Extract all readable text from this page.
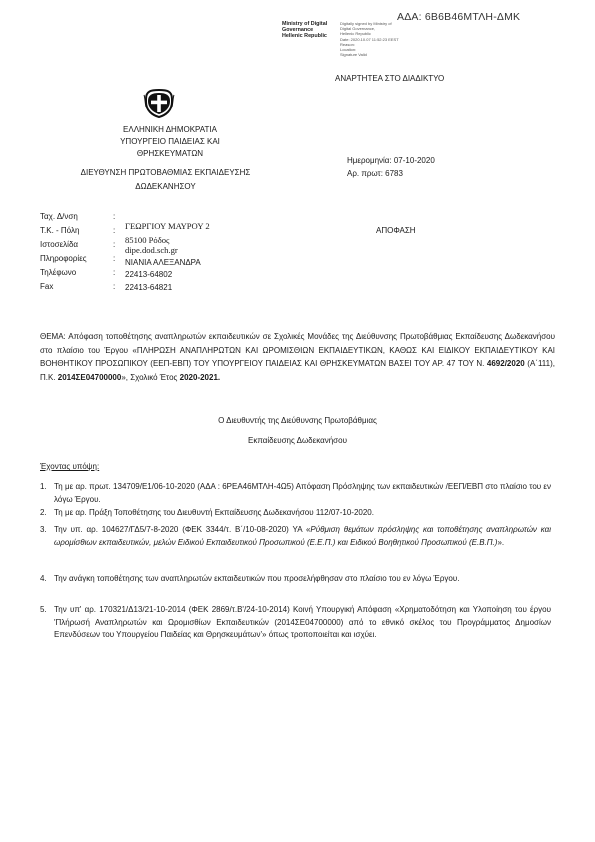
ΑΔΑ: 6Β6Β46ΜΤΛΗ-ΔΜΚ
Ministry of Digital
Governance
Hellenic Republic
Digitally signed by Ministry of
Digital Governance,
Hellenic Republic
Date: 2020.10.07 11:52:23 EEST
Reason:
Location:
Signature Valid
ΑΝΑΡΤΗΤΕΑ ΣΤΟ ΔΙΑΔΙΚΤΥΟ
ΕΛΛΗΝΙΚΗ ΔΗΜΟΚΡΑΤΙΑ
ΥΠΟΥΡΓΕΙΟ ΠΑΙΔΕΙΑΣ ΚΑΙ ΘΡΗΣΚΕΥΜΑΤΩΝ
ΔΙΕΥΘΥΝΣΗ ΠΡΩΤΟΒΑΘΜΙΑΣ ΕΚΠΑΙΔΕΥΣΗΣ
ΔΩΔΕΚΑΝΗΣΟΥ
Ημερομηνία: 07-10-2020
Αρ. πρωτ: 6783
Ταχ. Δ/νση	:
ΓΕΩΡΓΙΟΥ ΜΑΥΡΟΥ 2
Τ.Κ. - Πόλη	:
85100 Ρόδος
Ιστοσελίδα	:
dipe.dod.sch.gr
Πληροφορίες	: ΝΙΑΝΙΑ ΑΛΕΞΑΝΔΡΑ
Τηλέφωνο	: 22413-64802
Fax	: 22413-64821
ΑΠΟΦΑΣΗ
ΘΕΜΑ: Απόφαση τοποθέτησης αναπληρωτών εκπαιδευτικών σε Σχολικές Μονάδες της Διεύθυνσης Πρωτοβάθμιας Εκπαίδευσης Δωδεκανήσου στο πλαίσιο του Έργου «ΠΛΗΡΩΣΗ ΑΝΑΠΛΗΡΩΤΩΝ ΚΑΙ ΩΡΟΜΙΣΘΙΩΝ ΕΚΠΑΙΔΕΥΤΙΚΩΝ, ΚΑΘΩΣ ΚΑΙ ΕΙΔΙΚΟΥ ΕΚΠΑΙΔΕΥΤΙΚΟΥ ΚΑΙ ΒΟΗΘΗΤΙΚΟΥ ΠΡΟΣΩΠΙΚΟΥ (ΕΕΠ-ΕΒΠ) ΤΟΥ ΥΠΟΥΡΓΕΙΟΥ ΠΑΙΔΕΙΑΣ ΚΑΙ ΘΡΗΣΚΕΥΜΑΤΩΝ ΒΑΣΕΙ ΤΟΥ ΑΡ. 47 ΤΟΥ Ν. 4692/2020 (Α΄111), Π.Κ. 2014ΣΕ04700000», Σχολικό Έτος 2020-2021.
Ο Διευθυντής της Διεύθυνσης Πρωτοβάθμιας
Εκπαίδευσης Δωδεκανήσου
Έχοντας υπόψη:
1. Τη με αρ. πρωτ. 134709/Ε1/06-10-2020 (ΑΔΑ : 6ΡΕΑ46ΜΤΛΗ-4Ω5) Απόφαση Πρόσληψης των εκπαιδευτικών /ΕΕΠ/ΕΒΠ στο πλαίσιο του εν λόγω Έργου.
2. Τη με αρ. Πράξη Τοποθέτησης του Διευθυντή Εκπαίδευσης Δωδεκανήσου 112/07-10-2020.
3. Την υπ. αρ. 104627/ΓΔ5/7-8-2020 (ΦΕΚ 3344/τ. Β΄/10-08-2020) ΥΑ «Ρύθμιση θεμάτων πρόσληψης και τοποθέτησης αναπληρωτών και ωρομίσθιων εκπαιδευτικών, μελών Ειδικού Εκπαιδευτικού Προσωπικού (Ε.Ε.Π.) και Ειδικού Βοηθητικού Προσωπικού (Ε.Β.Π.)».
4. Την ανάγκη τοποθέτησης των αναπληρωτών εκπαιδευτικών που προσελήφθησαν στο πλαίσιο του εν λόγω Έργου.
5. Την υπ' αρ. 170321/Δ13/21-10-2014 (ΦΕΚ 2869/τ.Β'/24-10-2014) Κοινή Υπουργική Απόφαση «Χρηματοδότηση και Υλοποίηση του έργου 'Πλήρωσή Αναπληρωτών και Ωρομισθίων Εκπαιδευτικών (2014ΣΕ04700000) από το εθνικό σκέλος του Προγράμματος Δημοσίων Επενδύσεων του Υπουργείου Παιδείας και Θρησκευμάτων'» όπως τροποποιείται και ισχύει.
